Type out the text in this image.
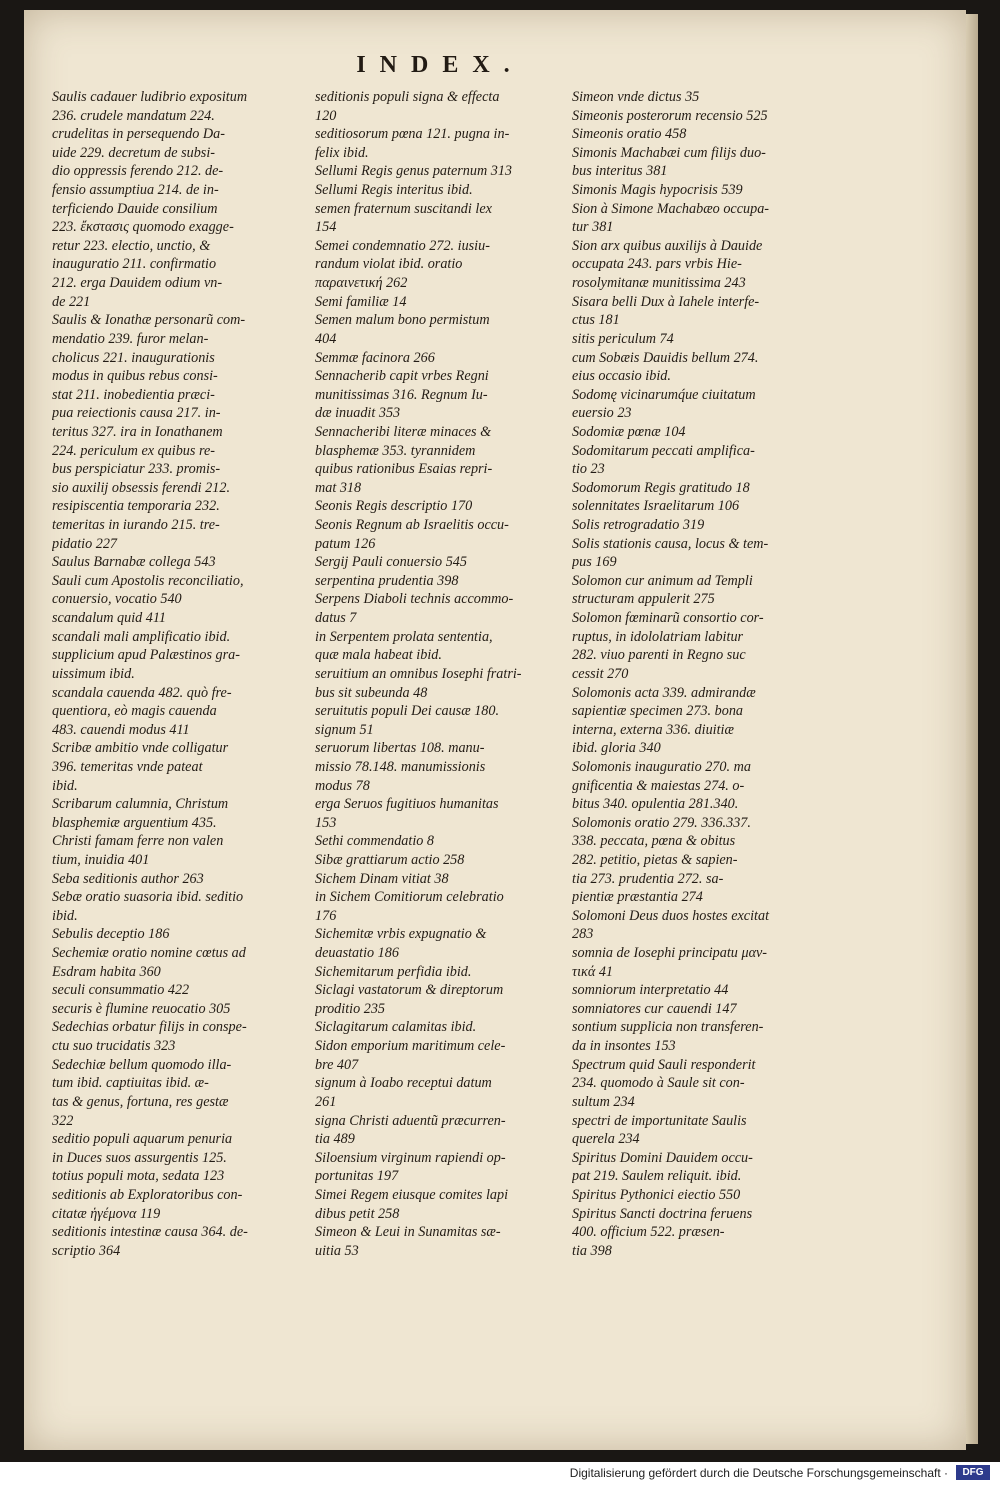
INDEX.
Saulis cadauer ludibrio expositum
236. crudele mandatum 224.
crudelitas in persequendo Da-
uide 229. decretum de subsi-
dio oppressis ferendo 212. de-
fensio assumptiua 214. de in-
terficiendo Dauide consilium
223. ἔκστασις quomodo exagge-
retur 223. electio, unctio, &
inauguratio 211. confirmatio
212. erga Dauidem odium vn-
de 221
Saulis & Ionathæ personarũ com-
mendatio 239. furor melan-
cholicus 221. inaugurationis
modus in quibus rebus consi-
stat 211. inobedientia præci-
pua reiectionis causa 217. in-
teritus 327. ira in Ionathanem
224. periculum ex quibus re-
bus perspiciatur 233. promis-
sio auxilij obsessis ferendi 212.
resipiscentia temporaria 232.
temeritas in iurando 215. tre-
pidatio 227
Saulus Barnabæ collega 543
Sauli cum Apostolis reconciliatio,
conuersio, vocatio 540
scandalum quid 411
scandali mali amplificatio ibid.
supplicium apud Palæstinos gra-
uissimum ibid.
scandala cauenda 482. quò fre-
quentiora, eò magis cauenda
483. cauendi modus 411
Scribæ ambitio vnde colligatur
396. temeritas vnde pateat
ibid.
Scribarum calumnia, Christum
blasphemiæ arguentium 435.
Christi famam ferre non valen
tium, inuidia 401
Seba seditionis author 263
Sebæ oratio suasoria ibid. seditio
ibid.
Sebulis deceptio 186
Sechemiæ oratio nomine cœtus ad
Esdram habita 360
seculi consummatio 422
securis è flumine reuocatio 305
Sedechias orbatur filijs in conspe-
ctu suo trucidatis 323
Sedechiæ bellum quomodo illa-
tum ibid. captiuitas ibid. æ-
tas & genus, fortuna, res gestæ
322
seditio populi aquarum penuria
in Duces suos assurgentis 125.
totius populi mota, sedata 123
seditionis ab Exploratoribus con-
citatæ ἡγέμονα 119
seditionis intestinæ causa 364. de-
scriptio 364
seditionis populi signa & effecta
120
seditiosorum pœna 121. pugna in-
felix ibid.
Sellumi Regis genus paternum 313
Sellumi Regis interitus ibid.
semen fraternum suscitandi lex
154
Semei condemnatio 272. iusiu-
randum violat ibid. oratio
παραινετική 262
Semi familiæ 14
Semen malum bono permistum
404
Semmæ facinora 266
Sennacherib capit vrbes Regni
munitissimas 316. Regnum Iu-
dæ inuadit 353
Sennacheribi literæ minaces &
blasphemæ 353. tyrannidem
quibus rationibus Esaias repri-
mat 318
Seonis Regis descriptio 170
Seonis Regnum ab Israelitis occu-
patum 126
Sergij Pauli conuersio 545
serpentina prudentia 398
Serpens Diaboli technis accommo-
datus 7
in Serpentem prolata sententia,
quæ mala habeat ibid.
seruitium an omnibus Iosephi fratri-
bus sit subeunda 48
seruitutis populi Dei causæ 180.
signum 51
seruorum libertas 108. manu-
missio 78.148. manumissionis
modus 78
erga Seruos fugitiuos humanitas
153
Sethi commendatio 8
Sibæ grattiarum actio 258
Sichem Dinam vitiat 38
in Sichem Comitiorum celebratio
176
Sichemitæ vrbis expugnatio &
deuastatio 186
Sichemitarum perfidia ibid.
Siclagi vastatorum & direptorum
proditio 235
Siclagitarum calamitas ibid.
Sidon emporium maritimum cele-
bre 407
signum à Ioabo receptui datum
261
signa Christi aduentũ præcurren-
tia 489
Siloensium virginum rapiendi op-
portunitas 197
Simei Regem eiusque comites lapi
dibus petit 258
Simeon & Leui in Sunamitas sæ-
uitia 53
Simeon vnde dictus 35
Simeonis posterorum recensio 525
Simeonis oratio 458
Simonis Machabæi cum filijs duo-
bus interitus 381
Simonis Magis hypocrisis 539
Sion à Simone Machabæo occupa-
tur 381
Sion arx quibus auxilijs à Dauide
occupata 243. pars vrbis Hie-
rosolymitanæ munitissima 243
Sisara belli Dux à Iahele interfe-
ctus 181
sitis periculum 74
cum Sobæis Dauidis bellum 274.
eius occasio ibid.
Sodomę vicinarumq́ue ciuitatum
euersio 23
Sodomiæ pœnæ 104
Sodomitarum peccati amplifica-
tio 23
Sodomorum Regis gratitudo 18
solennitates Israelitarum 106
Solis retrogradatio 319
Solis stationis causa, locus & tem-
pus 169
Solomon cur animum ad Templi
structuram appulerit 275
Solomon fœminarũ consortio cor-
ruptus, in idololatriam labitur
282. viuo parenti in Regno suc
cessit 270
Solomonis acta 339. admirandæ
sapientiæ specimen 273. bona
interna, externa 336. diuitiæ
ibid. gloria 340
Solomonis inauguratio 270. ma
gnificentia & maiestas 274. o-
bitus 340. opulentia 281.340.
Solomonis oratio 279. 336.337.
338. peccata, pœna & obitus
282. petitio, pietas & sapien-
tia 273. prudentia 272. sa-
pientiæ præstantia 274
Solomoni Deus duos hostes excitat
283
somnia de Iosephi principatu μαν-
τικά 41
somniorum interpretatio 44
somniatores cur cauendi 147
sontium supplicia non transferen-
da in insontes 153
Spectrum quid Sauli responderit
234. quomodo à Saule sit con-
sultum 234
spectri de importunitate Saulis
querela 234
Spiritus Domini Dauidem occu-
pat 219. Saulem reliquit. ibid.
Spiritus Pythonici eiectio 550
Spiritus Sancti doctrina feruens
400. officium 522. præsen-
tia 398
Digitalisierung gefördert durch die Deutsche Forschungsgemeinschaft ·	DFG
